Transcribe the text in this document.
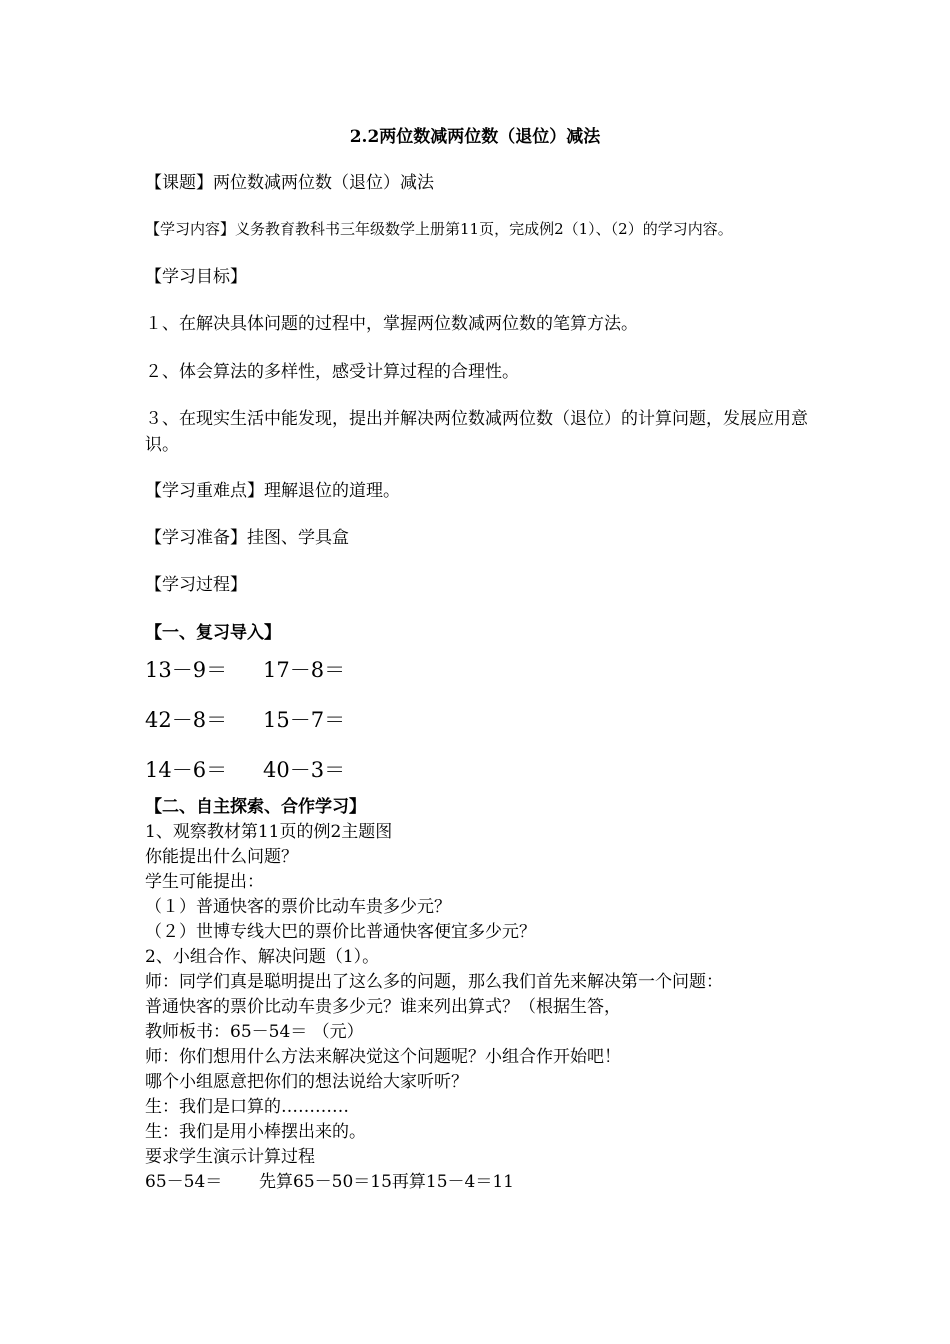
2.2两位数减两位数（退位）减法
【课题】两位数减两位数（退位）减法
【学习内容】义务教育教科书三年级数学上册第11页，完成例2（1）、（2）的学习内容。
【学习目标】
１、在解决具体问题的过程中，掌握两位数减两位数的笔算方法。
２、体会算法的多样性，感受计算过程的合理性。
３、在现实生活中能发现，提出并解决两位数减两位数（退位）的计算问题，发展应用意识。
【学习重难点】理解退位的道理。
【学习准备】挂图、学具盒
【学习过程】
【一、复习导入】
13－9＝ 17－8＝
42－8＝ 15－7＝
14－6＝ 40－3＝
【二、自主探索、合作学习】
1、观察教材第11页的例2主题图
你能提出什么问题？
学生可能提出：
（１）普通快客的票价比动车贵多少元？
（２）世博专线大巴的票价比普通快客便宜多少元？
2、小组合作、解决问题（1）。
师：同学们真是聪明提出了这么多的问题，那么我们首先来解决第一个问题：
普通快客的票价比动车贵多少元？谁来列出算式？（根据生答，
教师板书：65－54＝ （元）
师：你们想用什么方法来解决觉这个问题呢？小组合作开始吧！
哪个小组愿意把你们的想法说给大家听听？
生：我们是口算的…………
生：我们是用小棒摆出来的。
要求学生演示计算过程
65－54＝ 先算65－50＝15再算15－4＝11
